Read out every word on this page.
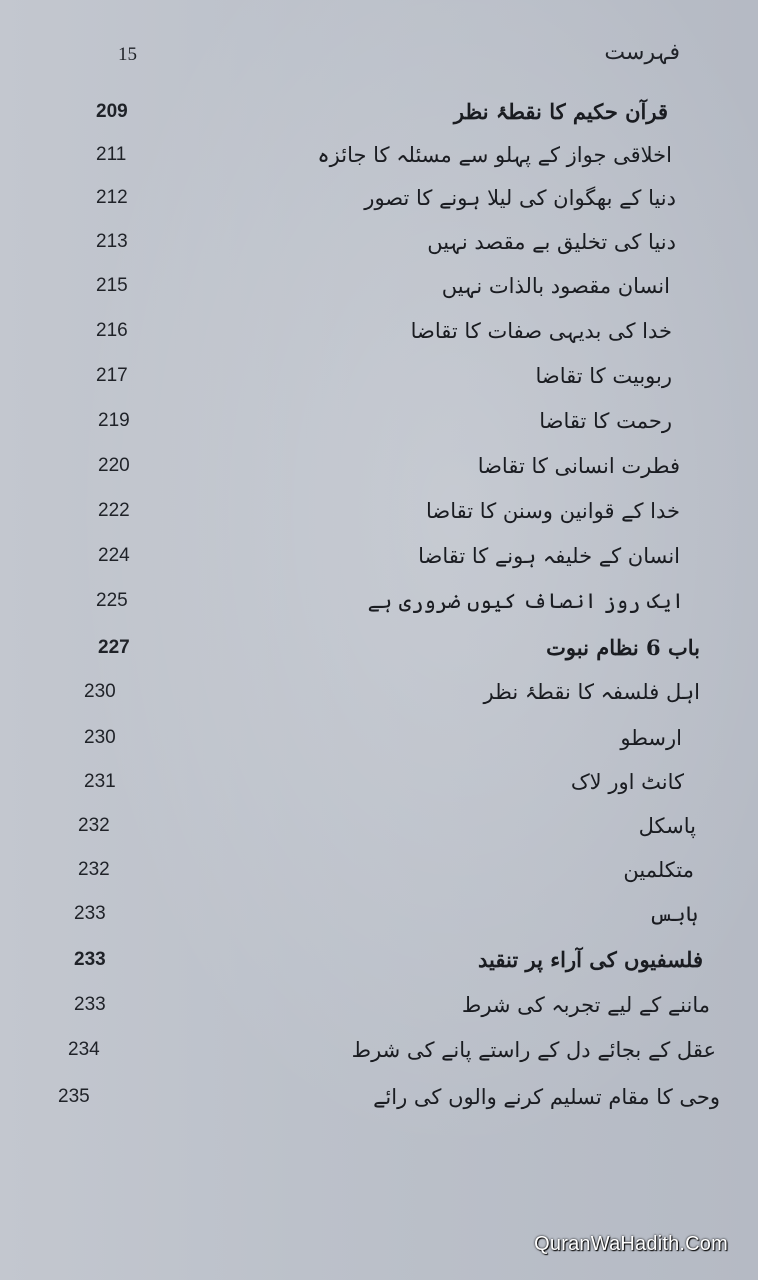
15	فہرست
209	قرآن حکیم کا نقطۂ نظر
211	اخلاقی جواز کے پہلو سے مسئلہ کا جائزہ
212	دنیا کے بھگوان کی لیلا ہونے کا تصور
213	دنیا کی تخلیق بے مقصد نہیں
215	انسان مقصود بالذات نہیں
216	خدا کی بدیہی صفات کا تقاضا
217	ربوبیت کا تقاضا
219	رحمت کا تقاضا
220	فطرت انسانی کا تقاضا
222	خدا کے قوانین وسنن کا تقاضا
224	انسان کے خلیفہ ہونے کا تقاضا
225	ایک روز انصاف کیوں ضروری ہے
227	باب 6 نظام نبوت
230	اہل فلسفہ کا نقطۂ نظر
230	ارسطو
231	کانٹ اور لاک
232	پاسکل
232	متکلمین
233	ہابس
233	فلسفیوں کی آراء پر تنقید
233	ماننے کے لیے تجربہ کی شرط
234	عقل کے بجائے دل کے راستے پانے کی شرط
235	وحی کا مقام تسلیم کرنے والوں کی رائے
QuranWaHadith.Com
